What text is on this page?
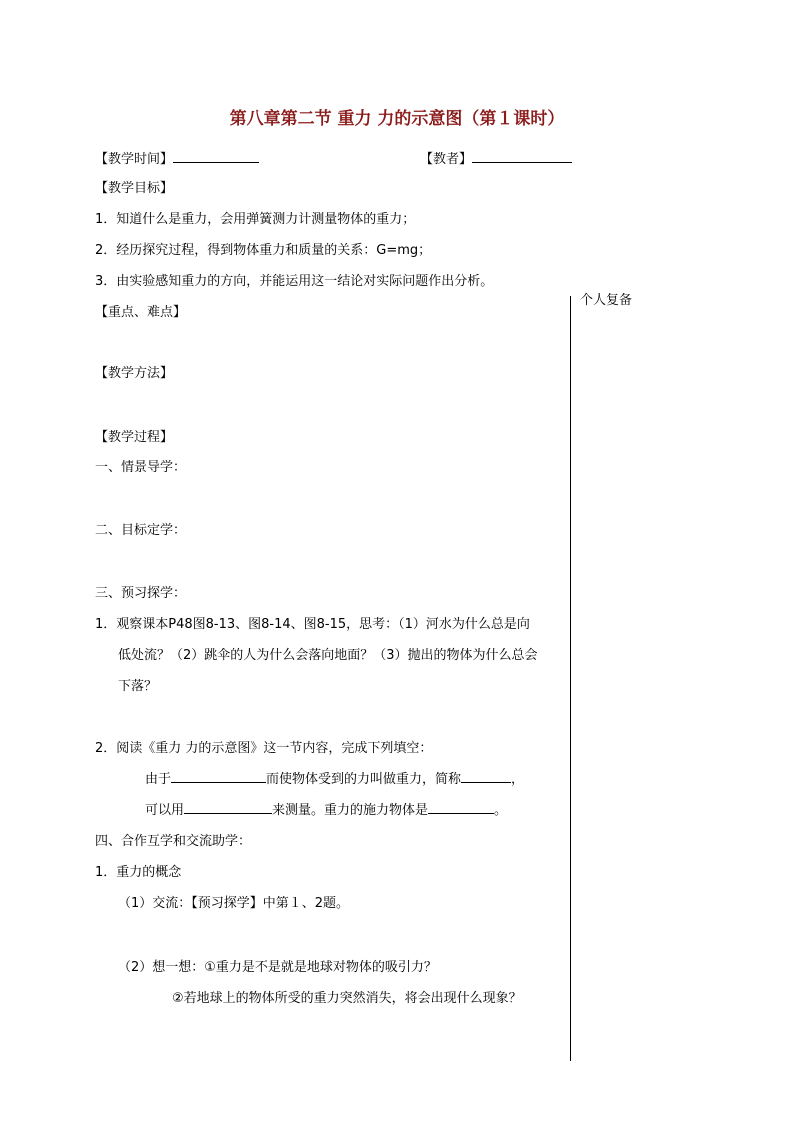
第八章第二节 重力 力的示意图（第１课时）
【教学时间】	【教者】
【教学目标】
1．知道什么是重力，会用弹簧测力计测量物体的重力；
2．经历探究过程，得到物体重力和质量的关系：G=mg；
3．由实验感知重力的方向，并能运用这一结论对实际问题作出分析。
个人复备
【重点、难点】
【教学方法】
【教学过程】
一、情景导学：
二、目标定学：
三、预习探学：
1．观察课本P48图8-13、图8-14、图8-15，思考：（1）河水为什么总是向
低处流？（2）跳伞的人为什么会落向地面？（3）抛出的物体为什么总会
下落？
2．阅读《重力 力的示意图》这一节内容，完成下列填空：
由于	而使物体受到的力叫做重力，简称	，
可以用	来测量。重力的施力物体是	。
四、合作互学和交流助学：
1．重力的概念
（1）交流：【预习探学】中第１、2题。
（2）想一想：①重力是不是就是地球对物体的吸引力？
②若地球上的物体所受的重力突然消失，将会出现什么现象？
